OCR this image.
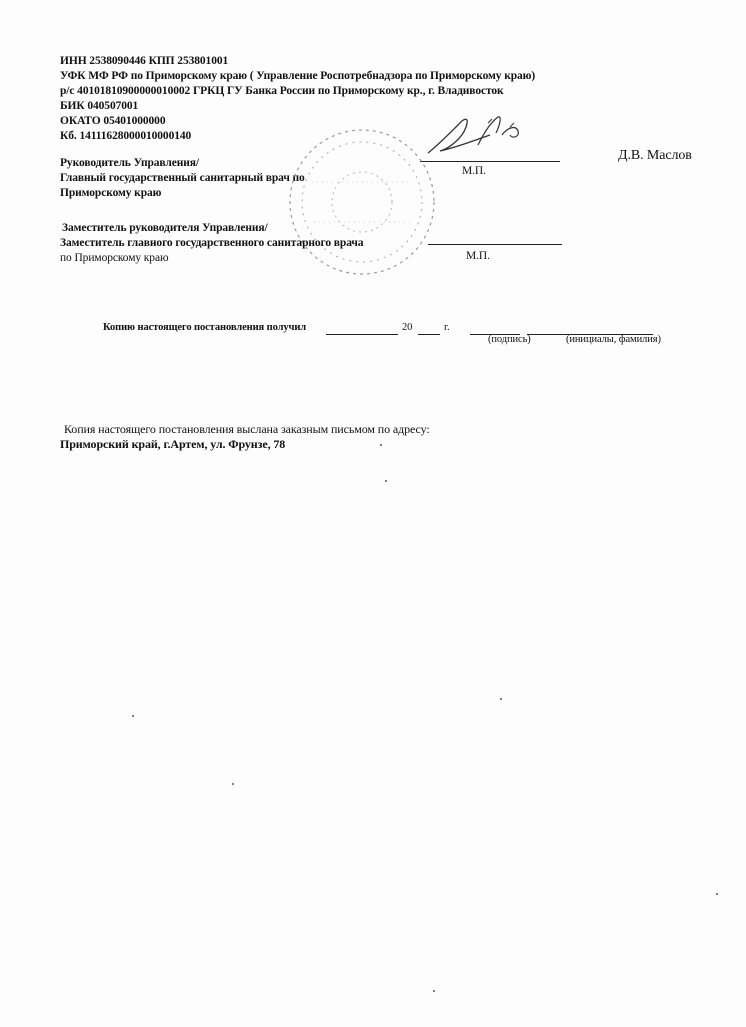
ИНН 2538090446 КПП 253801001
УФК МФ РФ по Приморскому краю ( Управление Роспотребнадзора по Приморскому краю)
р/с 40101810900000010002 ГРКЦ ГУ Банка России по Приморскому кр., г. Владивосток
БИК 040507001
ОКАТО 05401000000
Кб. 14111628000010000140
Руководитель Управления/
Главный государственный санитарный врач по
Приморскому краю
М.П.
Д.В. Маслов
Заместитель руководителя Управления/
Заместитель главного государственного санитарного врача
по Приморскому краю	М.П.
Копию настоящего постановления получил	20	г.
(подпись)	(инициалы, фамилия)
Копия настоящего постановления выслана заказным письмом по адресу:
Приморский край, г.Артем, ул. Фрунзе, 78
